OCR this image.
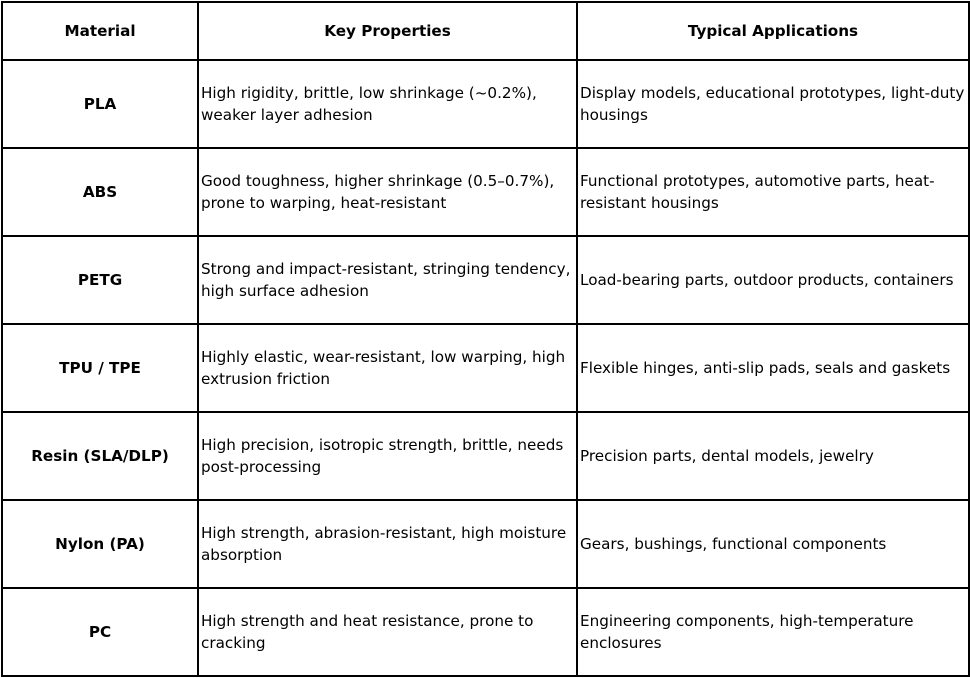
Material	Key Properties	Typical Applications
PLA	High rigidity, brittle, low shrinkage (~0.2%), weaker layer adhesion	Display models, educational prototypes, light-duty housings
ABS	Good toughness, higher shrinkage (0.5–0.7%), prone to warping, heat-resistant	Functional prototypes, automotive parts, heat-resistant housings
PETG	Strong and impact-resistant, stringing tendency, high surface adhesion	Load-bearing parts, outdoor products, containers
TPU / TPE	Highly elastic, wear-resistant, low warping, high extrusion friction	Flexible hinges, anti-slip pads, seals and gaskets
Resin (SLA/DLP)	High precision, isotropic strength, brittle, needs post-processing	Precision parts, dental models, jewelry
Nylon (PA)	High strength, abrasion-resistant, high moisture absorption	Gears, bushings, functional components
PC	High strength and heat resistance, prone to cracking	Engineering components, high-temperature enclosures
